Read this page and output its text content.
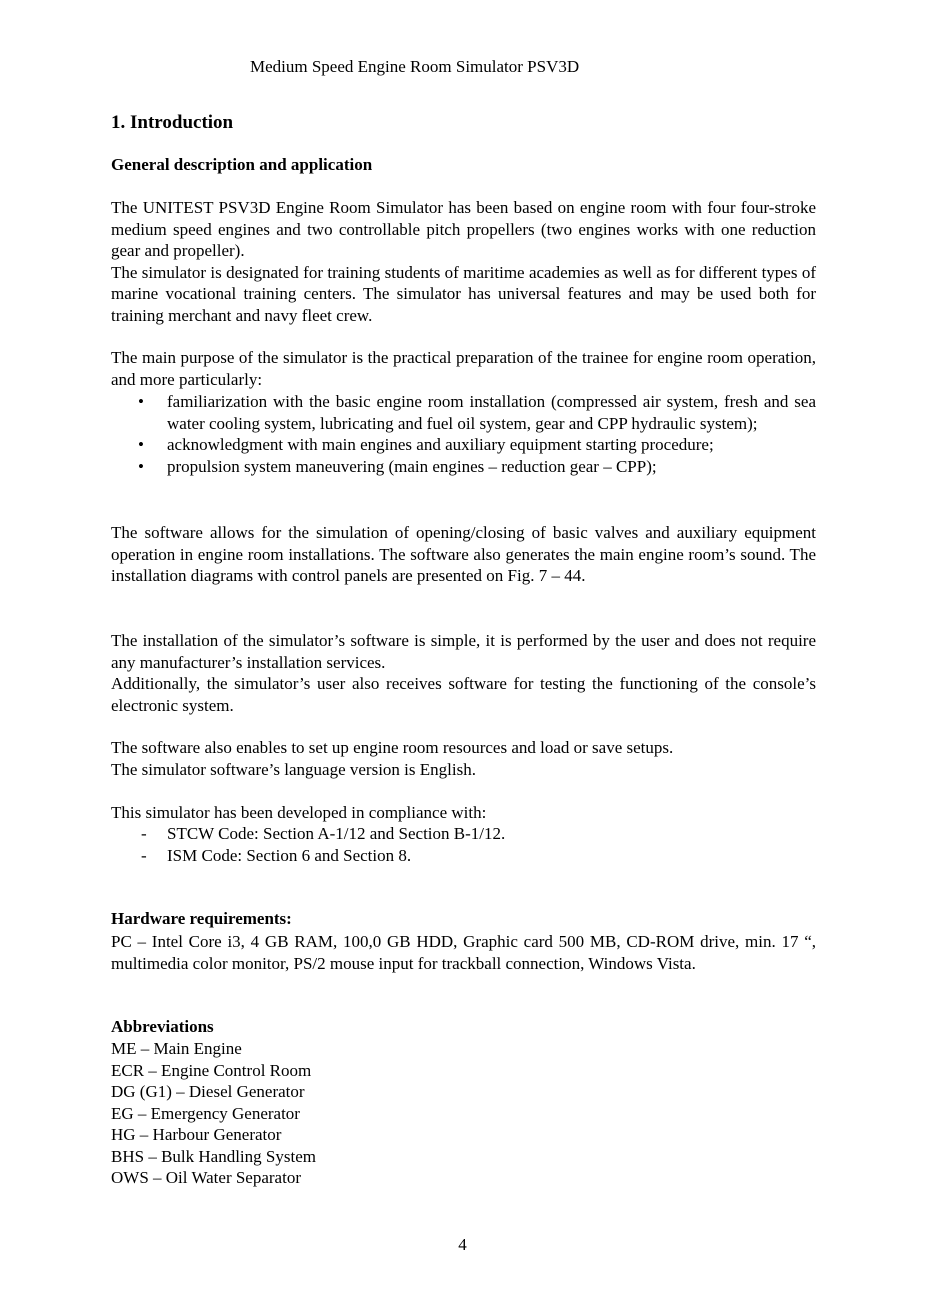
Medium Speed Engine Room Simulator PSV3D
1. Introduction
General description and application

The UNITEST PSV3D Engine Room Simulator has been based on engine room with four four-stroke medium speed engines and two controllable pitch propellers (two engines works with one reduction gear and propeller).

The simulator is designated for training students of maritime academies as well as for different types of marine vocational training centers. The simulator has universal features and may be used both for training merchant and navy fleet crew.

The main purpose of the simulator is the practical preparation of the trainee for engine room operation, and more particularly:
• familiarization with the basic engine room installation (compressed air system, fresh and sea water cooling system, lubricating and fuel oil system, gear and CPP hydraulic system);
• acknowledgment with main engines and auxiliary equipment starting procedure;
• propulsion system maneuvering (main engines – reduction gear – CPP);
The software allows for the simulation of opening/closing of basic valves and auxiliary equipment operation in engine room installations. The software also generates the main engine room’s sound. The installation diagrams with control panels are presented on Fig. 7 – 44.

The installation of the simulator’s software is simple, it is performed by the user and does not require any manufacturer’s installation services.

Additionally, the simulator’s user also receives software for testing the functioning of the console’s electronic system.

The software also enables to set up engine room resources and load or save setups.
The simulator software’s language version is English.
This simulator has been developed in compliance with:
- STCW Code: Section A-1/12 and Section B-1/12.
- ISM Code: Section 6 and Section 8.
Hardware requirements:
PC – Intel Core i3, 4 GB RAM, 100,0 GB HDD, Graphic card 500 MB, CD-ROM drive, min. 17 “, multimedia color monitor, PS/2 mouse input for trackball connection, Windows Vista.
Abbreviations
ME – Main Engine
ECR – Engine Control Room
DG (G1) – Diesel Generator
EG – Emergency Generator
HG – Harbour Generator
BHS – Bulk Handling System
OWS – Oil Water Separator
4
